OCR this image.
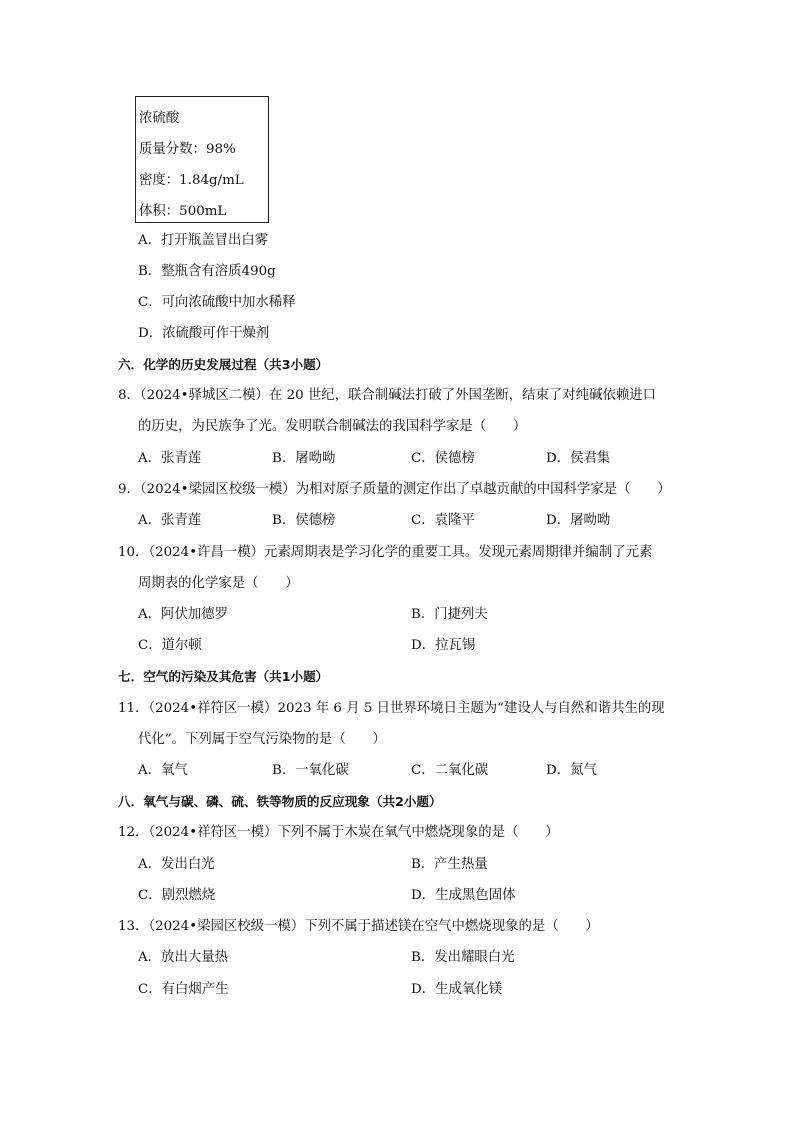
浓硫酸
质量分数：98%
密度：1.84g/mL
体积：500mL
A．打开瓶盖冒出白雾
B．整瓶含有溶质490g
C．可向浓硫酸中加水稀释
D．浓硫酸可作干燥剂
六．化学的历史发展过程（共3小题）
8．（2024•驿城区二模）在 20 世纪，联合制碱法打破了外国垄断，结束了对纯碱依赖进口
的历史，为民族争了光。发明联合制碱法的我国科学家是（　　）
A．张青莲	B．屠呦呦	C．侯德榜	D．侯君集
9．（2024•梁园区校级一模）为相对原子质量的测定作出了卓越贡献的中国科学家是（　　）
A．张青莲	B．侯德榜	C．袁隆平	D．屠呦呦
10．（2024•许昌一模）元素周期表是学习化学的重要工具。发现元素周期律并编制了元素
周期表的化学家是（　　）
A．阿伏加德罗	B．门捷列夫
C．道尔顿	D．拉瓦锡
七．空气的污染及其危害（共1小题）
11．（2024•祥符区一模）2023 年 6 月 5 日世界环境日主题为“建设人与自然和谐共生的现
代化”。下列属于空气污染物的是（　　）
A．氧气	B．一氧化碳	C．二氧化碳	D．氮气
八．氧气与碳、磷、硫、铁等物质的反应现象（共2小题）
12．（2024•祥符区一模）下列不属于木炭在氧气中燃烧现象的是（　　）
A．发出白光	B．产生热量
C．剧烈燃烧	D．生成黑色固体
13．（2024•梁园区校级一模）下列不属于描述镁在空气中燃烧现象的是（　　）
A．放出大量热	B．发出耀眼白光
C．有白烟产生	D．生成氧化镁
